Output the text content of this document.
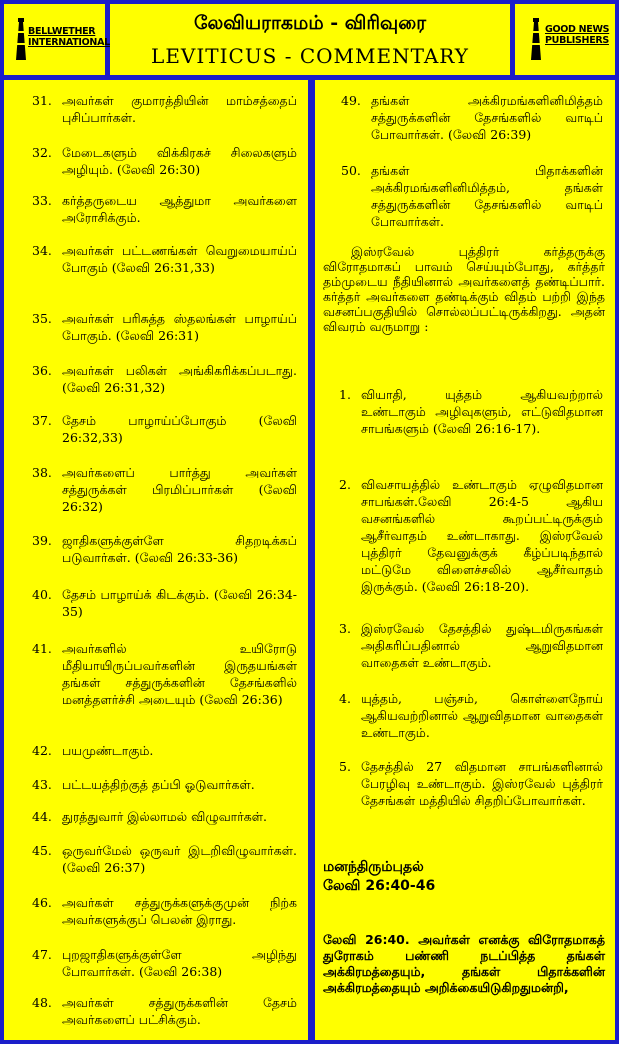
BELLWETHER
INTERNATIONAL
லேவியராகமம் - விரிவுரை
LEVITICUS - COMMENTARY
GOOD NEWS
PUBLISHERS
31. அவர்கள் குமாரத்தியின் மாம்சத்தைப் புசிப்பார்கள்.
32. மேடைகளும் விக்கிரகச் சிலைகளும் அழியும். (லேவி 26:30)
33. கர்த்தருடைய ஆத்துமா அவர்களை அரோசிக்கும்.
34. அவர்கள் பட்டணங்கள் வெறுமையாய்ப் போகும் (லேவி 26:31,33)
35. அவர்கள் பரிசுத்த ஸ்தலங்கள் பாழாய்ப் போகும். (லேவி 26:31)
36. அவர்கள் பலிகள் அங்கிகரிக்கப்படாது. (லேவி 26:31,32)
37. தேசம் பாழாய்ப்போகும் (லேவி 26:32,33)
38. அவர்களைப் பார்த்து அவர்கள் சத்துருக்கள் பிரமிப்பார்கள் (லேவி 26:32)
39. ஜாதிகளுக்குள்ளே சிதறடிக்கப் படுவார்கள். (லேவி 26:33-36)
40. தேசம் பாழாய்க் கிடக்கும். (லேவி 26:34-35)
41. அவர்களில் உயிரோடு மீதியாயிருப்பவர்களின் இருதயங்கள் தங்கள் சத்துருக்களின் தேசங்களில் மனத்தளர்ச்சி அடையும் (லேவி 26:36)
42. பயமுண்டாகும்.
43. பட்டயத்திற்குத் தப்பி ஓடுவார்கள்.
44. துரத்துவார் இல்லாமல் விழுவார்கள்.
45. ஒருவர்மேல் ஒருவர் இடறிவிழுவார்கள். (லேவி 26:37)
46. அவர்கள் சத்துருக்களுக்குமுன் நிற்க அவர்களுக்குப் பெலன் இராது.
47. புறஜாதிகளுக்குள்ளே அழிந்து போவார்கள். (லேவி 26:38)
48. அவர்கள் சத்துருக்களின் தேசம் அவர்களைப் பட்சிக்கும்.
49. தங்கள் அக்கிரமங்களினிமித்தம் சத்துருக்களின் தேசங்களில் வாடிப் போவார்கள். (லேவி 26:39)
50. தங்கள் பிதாக்களின் அக்கிரமங்களினிமித்தம், தங்கள் சத்துருக்களின் தேசங்களில் வாடிப் போவார்கள்.
இஸ்ரவேல் புத்திரர் கர்த்தருக்கு விரோதமாகப் பாவம் செய்யும்போது, கர்த்தர் தம்முடைய நீதியினால் அவர்களைத் தண்டிப்பார். கர்த்தர் அவர்களை தண்டிக்கும் விதம் பற்றி இந்த வசனப்பகுதியில் சொல்லப்பட்டிருக்கிறது. அதன் விவரம் வருமாறு :
1. வியாதி, யுத்தம் ஆகியவற்றால் உண்டாகும் அழிவுகளும், எட்டுவிதமான சாபங்களும் (லேவி 26:16-17).
2. விவசாயத்தில் உண்டாகும் ஏழுவிதமான சாபங்கள்.லேவி 26:4-5 ஆகிய வசனங்களில் கூறப்பட்டிருக்கும் ஆசீர்வாதம் உண்டாகாது. இஸ்ரவேல் புத்திரர் தேவனுக்குக் கீழ்ப்படிந்தால் மட்டுமே விளைச்சலில் ஆசீர்வாதம் இருக்கும். (லேவி 26:18-20).
3. இஸ்ரவேல் தேசத்தில் துஷ்டமிருகங்கள் அதிகரிப்பதினால் ஆறுவிதமான வாதைகள் உண்டாகும்.
4. யுத்தம், பஞ்சம், கொள்ளைநோய் ஆகியவற்றினால் ஆறுவிதமான வாதைகள் உண்டாகும்.
5. தேசத்தில் 27 விதமான சாபங்களினால் பேரழிவு உண்டாகும். இஸ்ரவேல் புத்திரர் தேசங்கள் மத்தியில் சிதறிப்போவார்கள்.
மனந்திரும்புதல்
லேவி 26:40-46
லேவி 26:40. அவர்கள் எனக்கு விரோதமாகத் துரோகம் பண்ணி நடப்பித்த தங்கள் அக்கிரமத்தையும், தங்கள் பிதாக்களின் அக்கிரமத்தையும் அறிக்கையிடுகிறதுமன்றி,
